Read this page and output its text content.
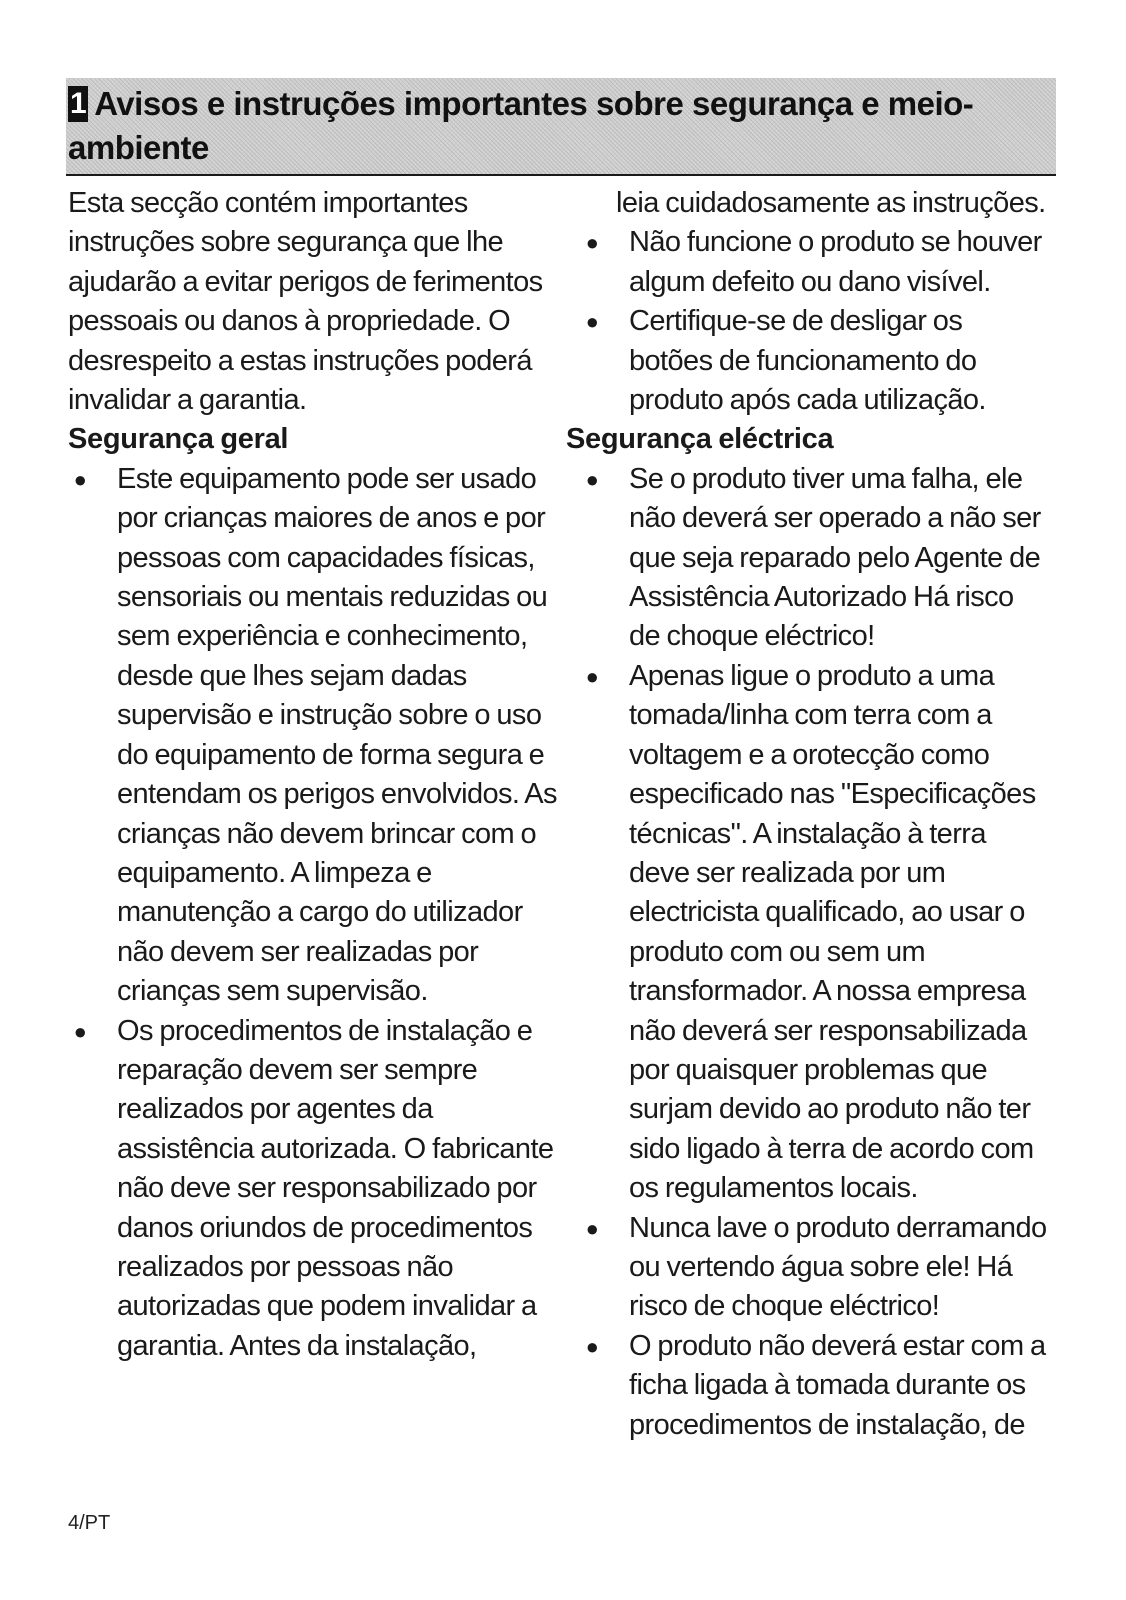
1 Avisos e instruções importantes sobre segurança e meio-ambiente

Esta secção contém importantes instruções sobre segurança que lhe ajudarão a evitar perigos de ferimentos pessoais ou danos à propriedade. O desrespeito a estas instruções poderá invalidar a garantia.

Segurança geral

● Este equipamento pode ser usado por crianças maiores de anos e por pessoas com capacidades físicas, sensoriais ou mentais reduzidas ou sem experiência e conhecimento, desde que lhes sejam dadas supervisão e instrução sobre o uso do equipamento de forma segura e entendam os perigos envolvidos. As crianças não devem brincar com o equipamento. A limpeza e manutenção a cargo do utilizador não devem ser realizadas por crianças sem supervisão.
● Os procedimentos de instalação e reparação devem ser sempre realizados por agentes da assistência autorizada. O fabricante não deve ser responsabilizado por danos oriundos de procedimentos realizados por pessoas não autorizadas que podem invalidar a garantia. Antes da instalação,

leia cuidadosamente as instruções.

● Não funcione o produto se houver algum defeito ou dano visível.
● Certifique-se de desligar os botões de funcionamento do produto após cada utilização.

Segurança eléctrica

● Se o produto tiver uma falha, ele não deverá ser operado a não ser que seja reparado pelo Agente de Assistência Autorizado Há risco de choque eléctrico!
● Apenas ligue o produto a uma tomada/linha com terra com a voltagem e a orotecção como especificado nas "Especificações técnicas". A instalação à terra deve ser realizada por um electricista qualificado, ao usar o produto com ou sem um transformador. A nossa empresa não deverá ser responsabilizada por quaisquer problemas que surjam devido ao produto não ter sido ligado à terra de acordo com os regulamentos locais.
● Nunca lave o produto derramando ou vertendo água sobre ele! Há risco de choque eléctrico!
● O produto não deverá estar com a ficha ligada à tomada durante os procedimentos de instalação, de
4/PT
